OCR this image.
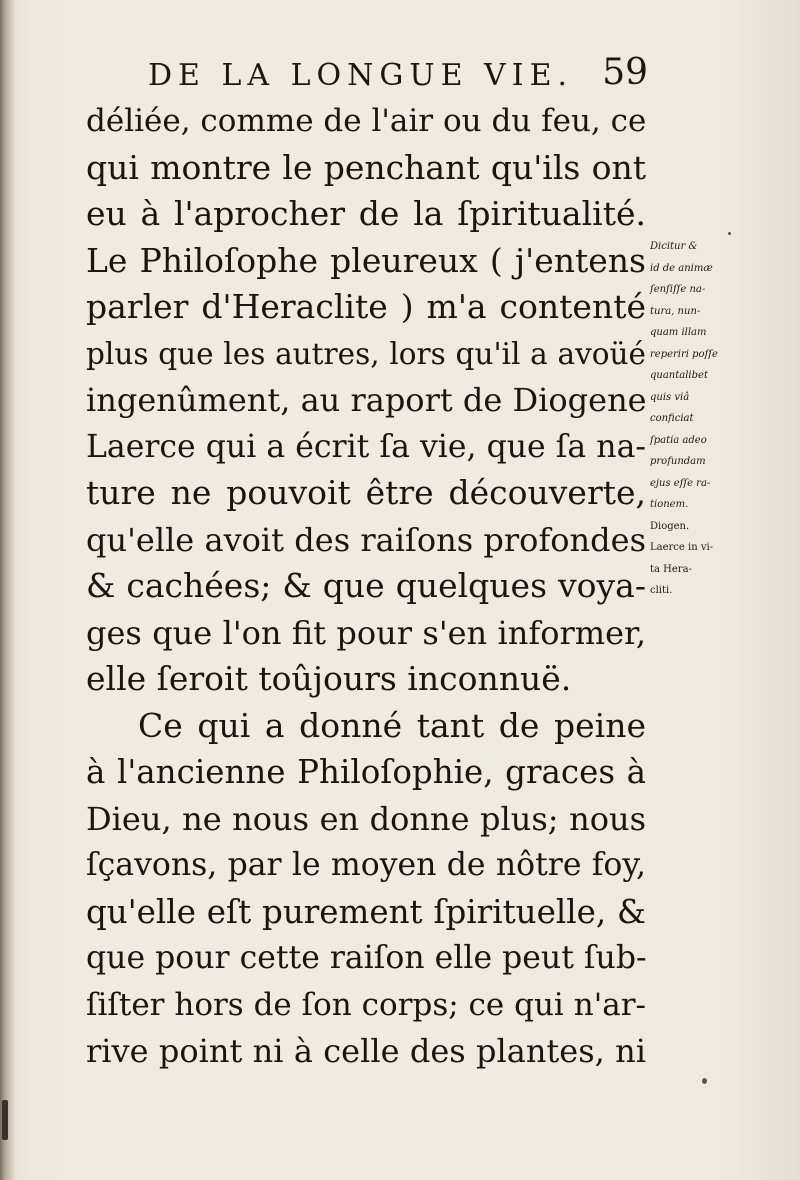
DE LA LONGUE VIE. 59
déliée, comme de l'air ou du feu, ce
qui montre le penchant qu'ils ont
eu à l'aprocher de la ſpiritualité.
Le Philoſophe pleureux ( j'entens
parler d'Heraclite ) m'a contenté
plus que les autres, lors qu'il a avoüé
ingenûment, au raport de Diogene
Laerce qui a écrit ſa vie, que ſa na-
ture ne pouvoit être découverte,
qu'elle avoit des raiſons profondes
& cachées; & que quelques voya-
ges que l'on fit pour s'en informer,
elle ſeroit toûjours inconnuë.
Ce qui a donné tant de peine
à l'ancienne Philoſophie, graces à
Dieu, ne nous en donne plus; nous
ſçavons, par le moyen de nôtre foy,
qu'elle eſt purement ſpirituelle, &
que pour cette raiſon elle peut ſub-
ſiſter hors de ſon corps; ce qui n'ar-
rive point ni à celle des plantes, ni
Dicitur &
id de animæ
ſenſiſſe na-
tura, nun-
quam illam
reperiri poſſe
quantalibet
quis viâ
conficiat
ſpatia adeo
profundam
ejus eſſe ra-
tionem.
Diogen.
Laerce in vi-
ta Hera-
cliti.
